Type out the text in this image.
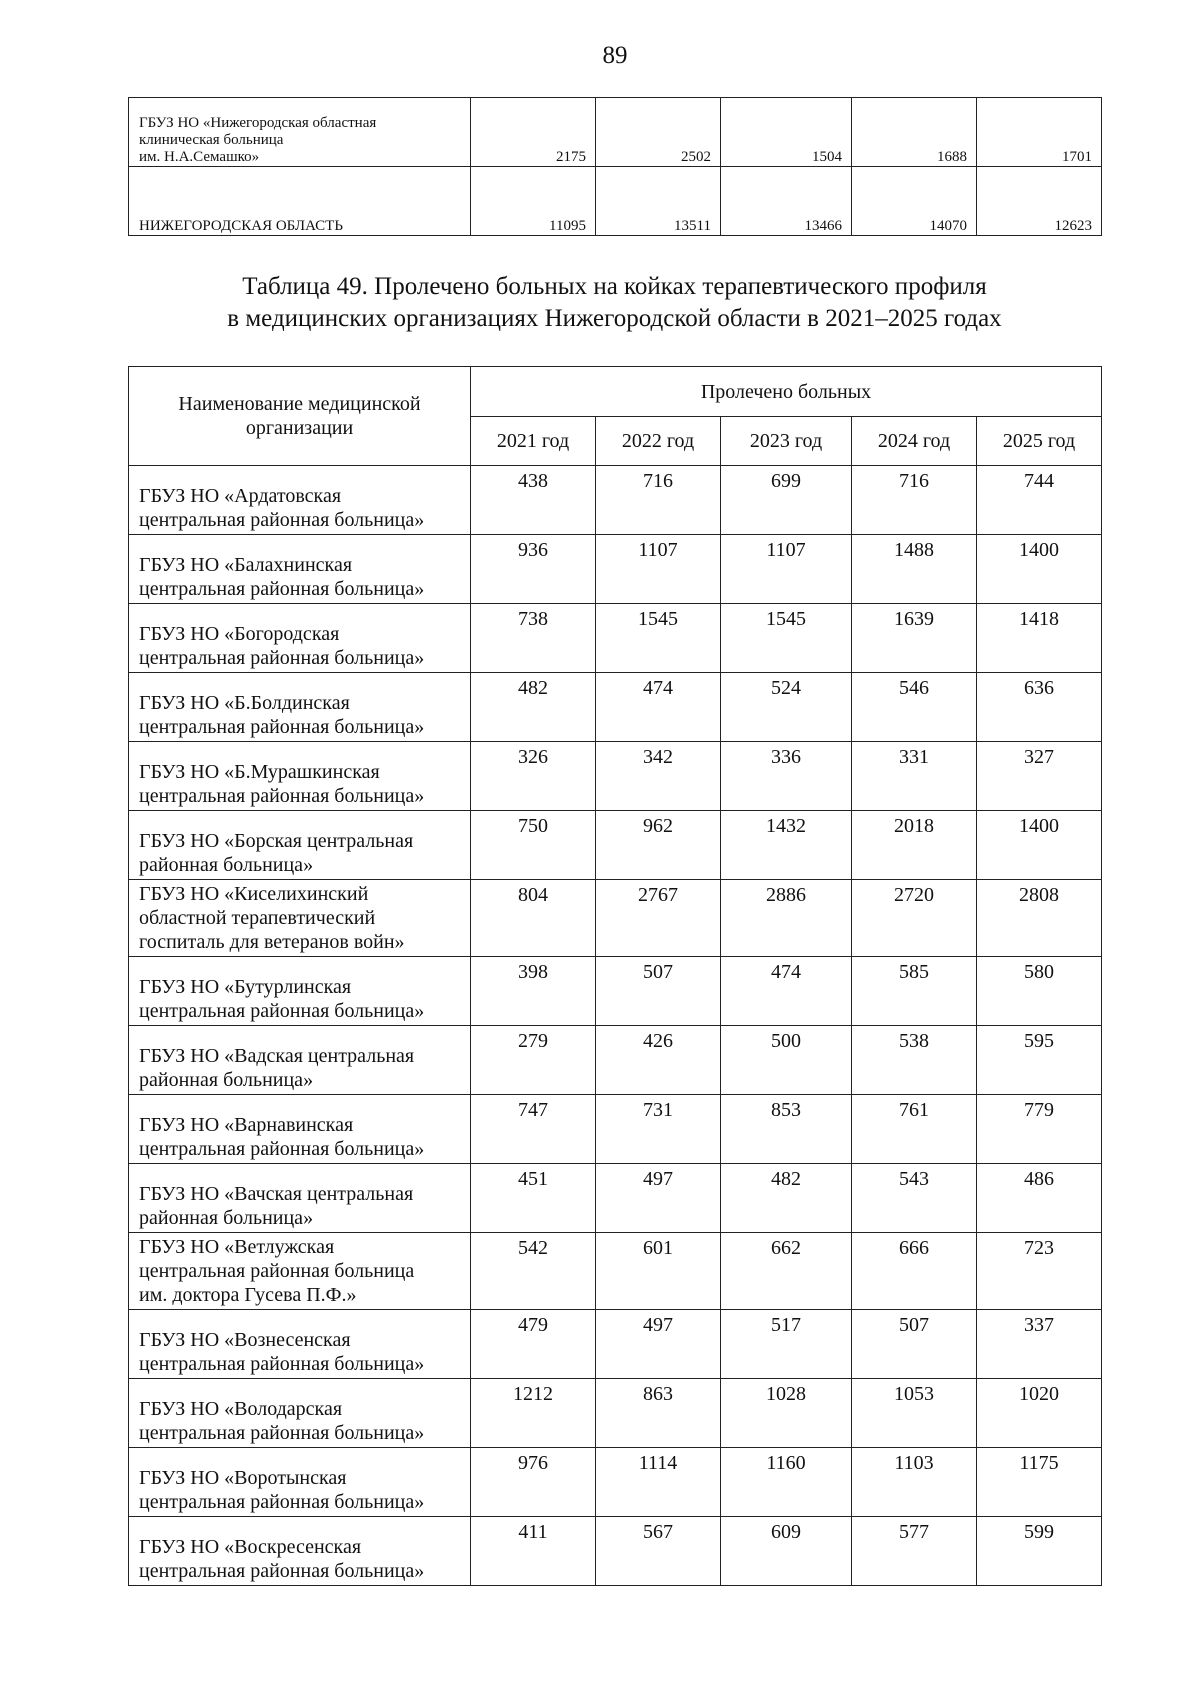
89
ГБУЗ НО «Нижегородская областная
клиническая больница
им. Н.А.Семашко»	2175	2502	1504	1688	1701

НИЖЕГОРОДСКАЯ ОБЛАСТЬ	11095	13511	13466	14070	12623
Таблица 49. Пролечено больных на койках терапевтического профиля
в медицинских организациях Нижегородской области в 2021–2025 годах
Наименование медицинской организации	Пролечено больных				
	2021 год	2022 год	2023 год	2024 год	2025 год

ГБУЗ НО «Ардатовская
центральная районная больница»	438	716	699	716	744

ГБУЗ НО «Балахнинская
центральная районная больница»	936	1107	1107	1488	1400

ГБУЗ НО «Богородская
центральная районная больница»	738	1545	1545	1639	1418

ГБУЗ НО «Б.Болдинская
центральная районная больница»	482	474	524	546	636

ГБУЗ НО «Б.Мурашкинская
центральная районная больница»	326	342	336	331	327

ГБУЗ НО «Борская центральная
районная больница»	750	962	1432	2018	1400

ГБУЗ НО «Киселихинский
областной терапевтический
госпиталь для ветеранов войн»	804	2767	2886	2720	2808

ГБУЗ НО «Бутурлинская
центральная районная больница»	398	507	474	585	580

ГБУЗ НО «Вадская центральная
районная больница»	279	426	500	538	595

ГБУЗ НО «Варнавинская
центральная районная больница»	747	731	853	761	779

ГБУЗ НО «Вачская центральная
районная больница»	451	497	482	543	486

ГБУЗ НО «Ветлужская
центральная районная больница
им. доктора Гусева П.Ф.»	542	601	662	666	723

ГБУЗ НО «Вознесенская
центральная районная больница»	479	497	517	507	337

ГБУЗ НО «Володарская
центральная районная больница»	1212	863	1028	1053	1020

ГБУЗ НО «Воротынская
центральная районная больница»	976	1114	1160	1103	1175

ГБУЗ НО «Воскресенская
центральная районная больница»	411	567	609	577	599
